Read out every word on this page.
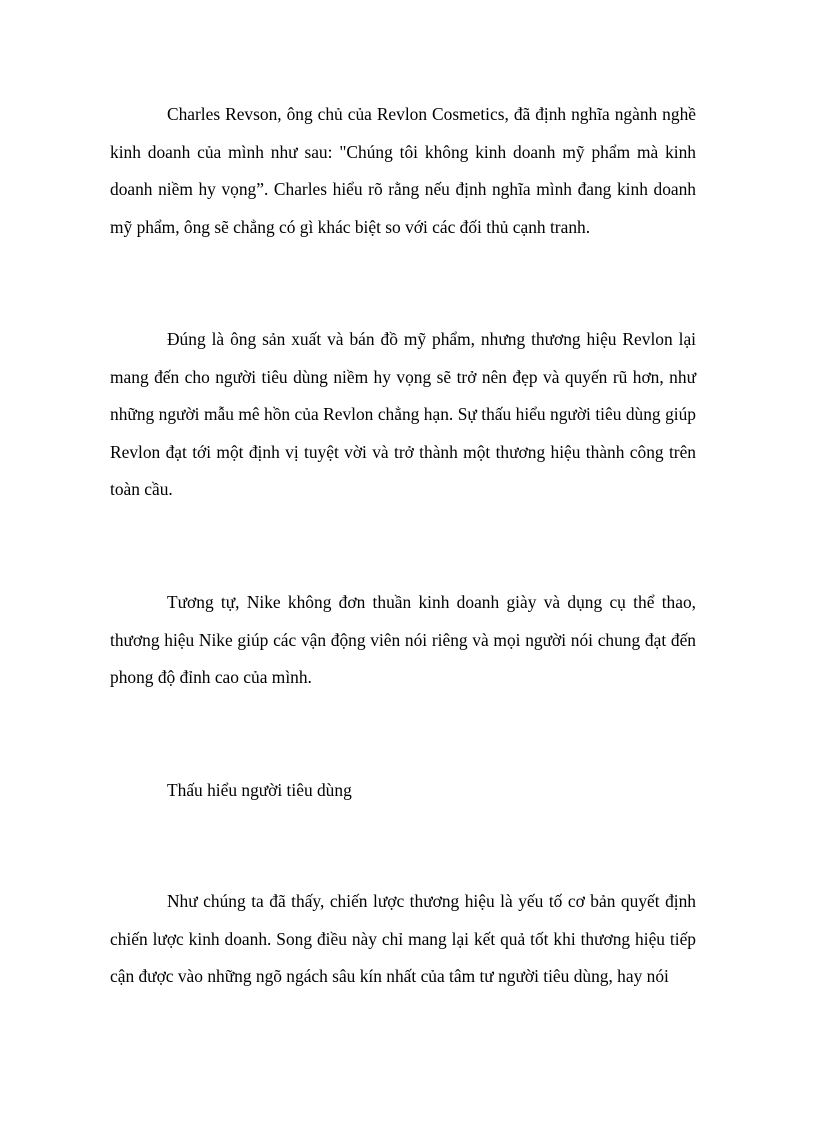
Charles Revson, ông chủ của Revlon Cosmetics, đã định nghĩa ngành nghề kinh doanh của mình như sau: "Chúng tôi không kinh doanh mỹ phẩm mà kinh doanh niềm hy vọng”. Charles hiểu rõ rằng nếu định nghĩa mình đang kinh doanh mỹ phẩm, ông sẽ chẳng có gì khác biệt so với các đối thủ cạnh tranh.

Đúng là ông sản xuất và bán đồ mỹ phẩm, nhưng thương hiệu Revlon lại mang đến cho người tiêu dùng niềm hy vọng sẽ trở nên đẹp và quyến rũ hơn, như những người mẫu mê hồn của Revlon chẳng hạn. Sự thấu hiểu người tiêu dùng giúp Revlon đạt tới một định vị tuyệt vời và trở thành một thương hiệu thành công trên toàn cầu.

Tương tự, Nike không đơn thuần kinh doanh giày và dụng cụ thể thao, thương hiệu Nike giúp các vận động viên nói riêng và mọi người nói chung đạt đến phong độ đỉnh cao của mình.

Thấu hiểu người tiêu dùng

Như chúng ta đã thấy, chiến lược thương hiệu là yếu tố cơ bản quyết định chiến lược kinh doanh. Song điều này chỉ mang lại kết quả tốt khi thương hiệu tiếp cận được vào những ngõ ngách sâu kín nhất của tâm tư người tiêu dùng, hay nói
